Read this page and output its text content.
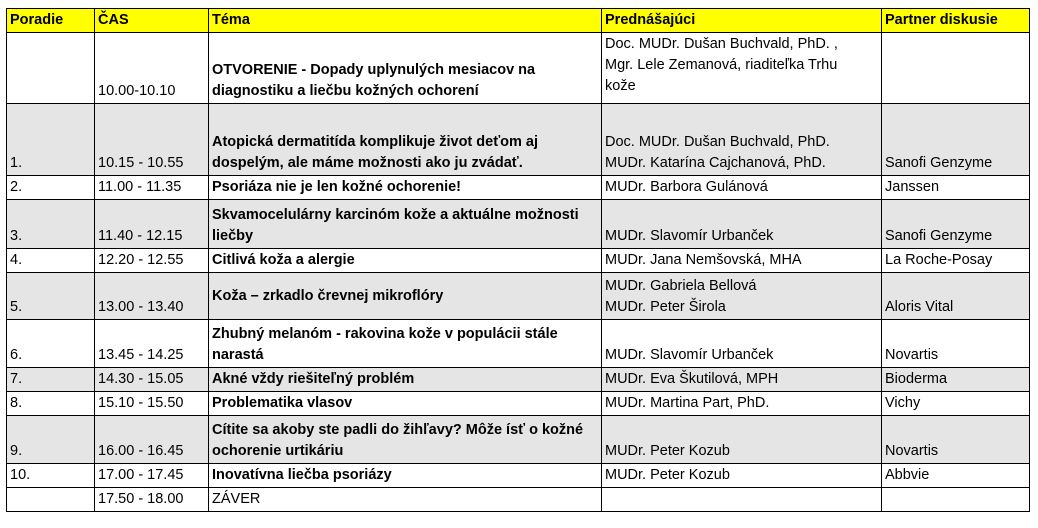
Poradie	ČAS	Téma	Prednášajúci	Partner diskusie
	10.00-10.10	OTVORENIE - Dopady uplynulých mesiacov na diagnostiku a liečbu kožných ochorení	Doc. MUDr. Dušan Buchvald, PhD. ,
Mgr. Lele Zemanová, riaditeľka Trhu
kože	

1.	10.15 - 10.55	Atopická dermatitída komplikuje život deťom aj dospelým, ale máme možnosti ako ju zvádať.	Doc. MUDr. Dušan Buchvald, PhD.
MUDr. Katarína Cajchanová, PhD.	Sanofi Genzyme
2.	11.00 - 11.35	Psoriáza nie je len kožné ochorenie!	MUDr. Barbora Gulánová	Janssen
3.	11.40 - 12.15	Skvamocelulárny karcinóm kože a aktuálne možnosti liečby	MUDr. Slavomír Urbanček	Sanofi Genzyme
4.	12.20 - 12.55	Citlivá koža a alergie	MUDr. Jana Nemšovská, MHA	La Roche-Posay
5.	13.00 - 13.40	Koža – zrkadlo črevnej mikroflóry	MUDr. Gabriela Bellová
MUDr. Peter Širola	Aloris Vital
6.	13.45 - 14.25	Zhubný melanóm - rakovina kože v populácii stále narastá	MUDr. Slavomír Urbanček	Novartis
7.	14.30 - 15.05	Akné vždy riešiteľný problém	MUDr. Eva Škutilová, MPH	Bioderma
8.	15.10 - 15.50	Problematika vlasov	MUDr. Martina Part, PhD.	Vichy
9.	16.00 - 16.45	Cítite sa akoby ste padli do žihľavy? Môže ísť o kožné ochorenie urtikáriu	MUDr. Peter Kozub	Novartis
10.	17.00 - 17.45	Inovatívna liečba psoriázy	MUDr. Peter Kozub	Abbvie
	17.50 - 18.00	ZÁVER		
